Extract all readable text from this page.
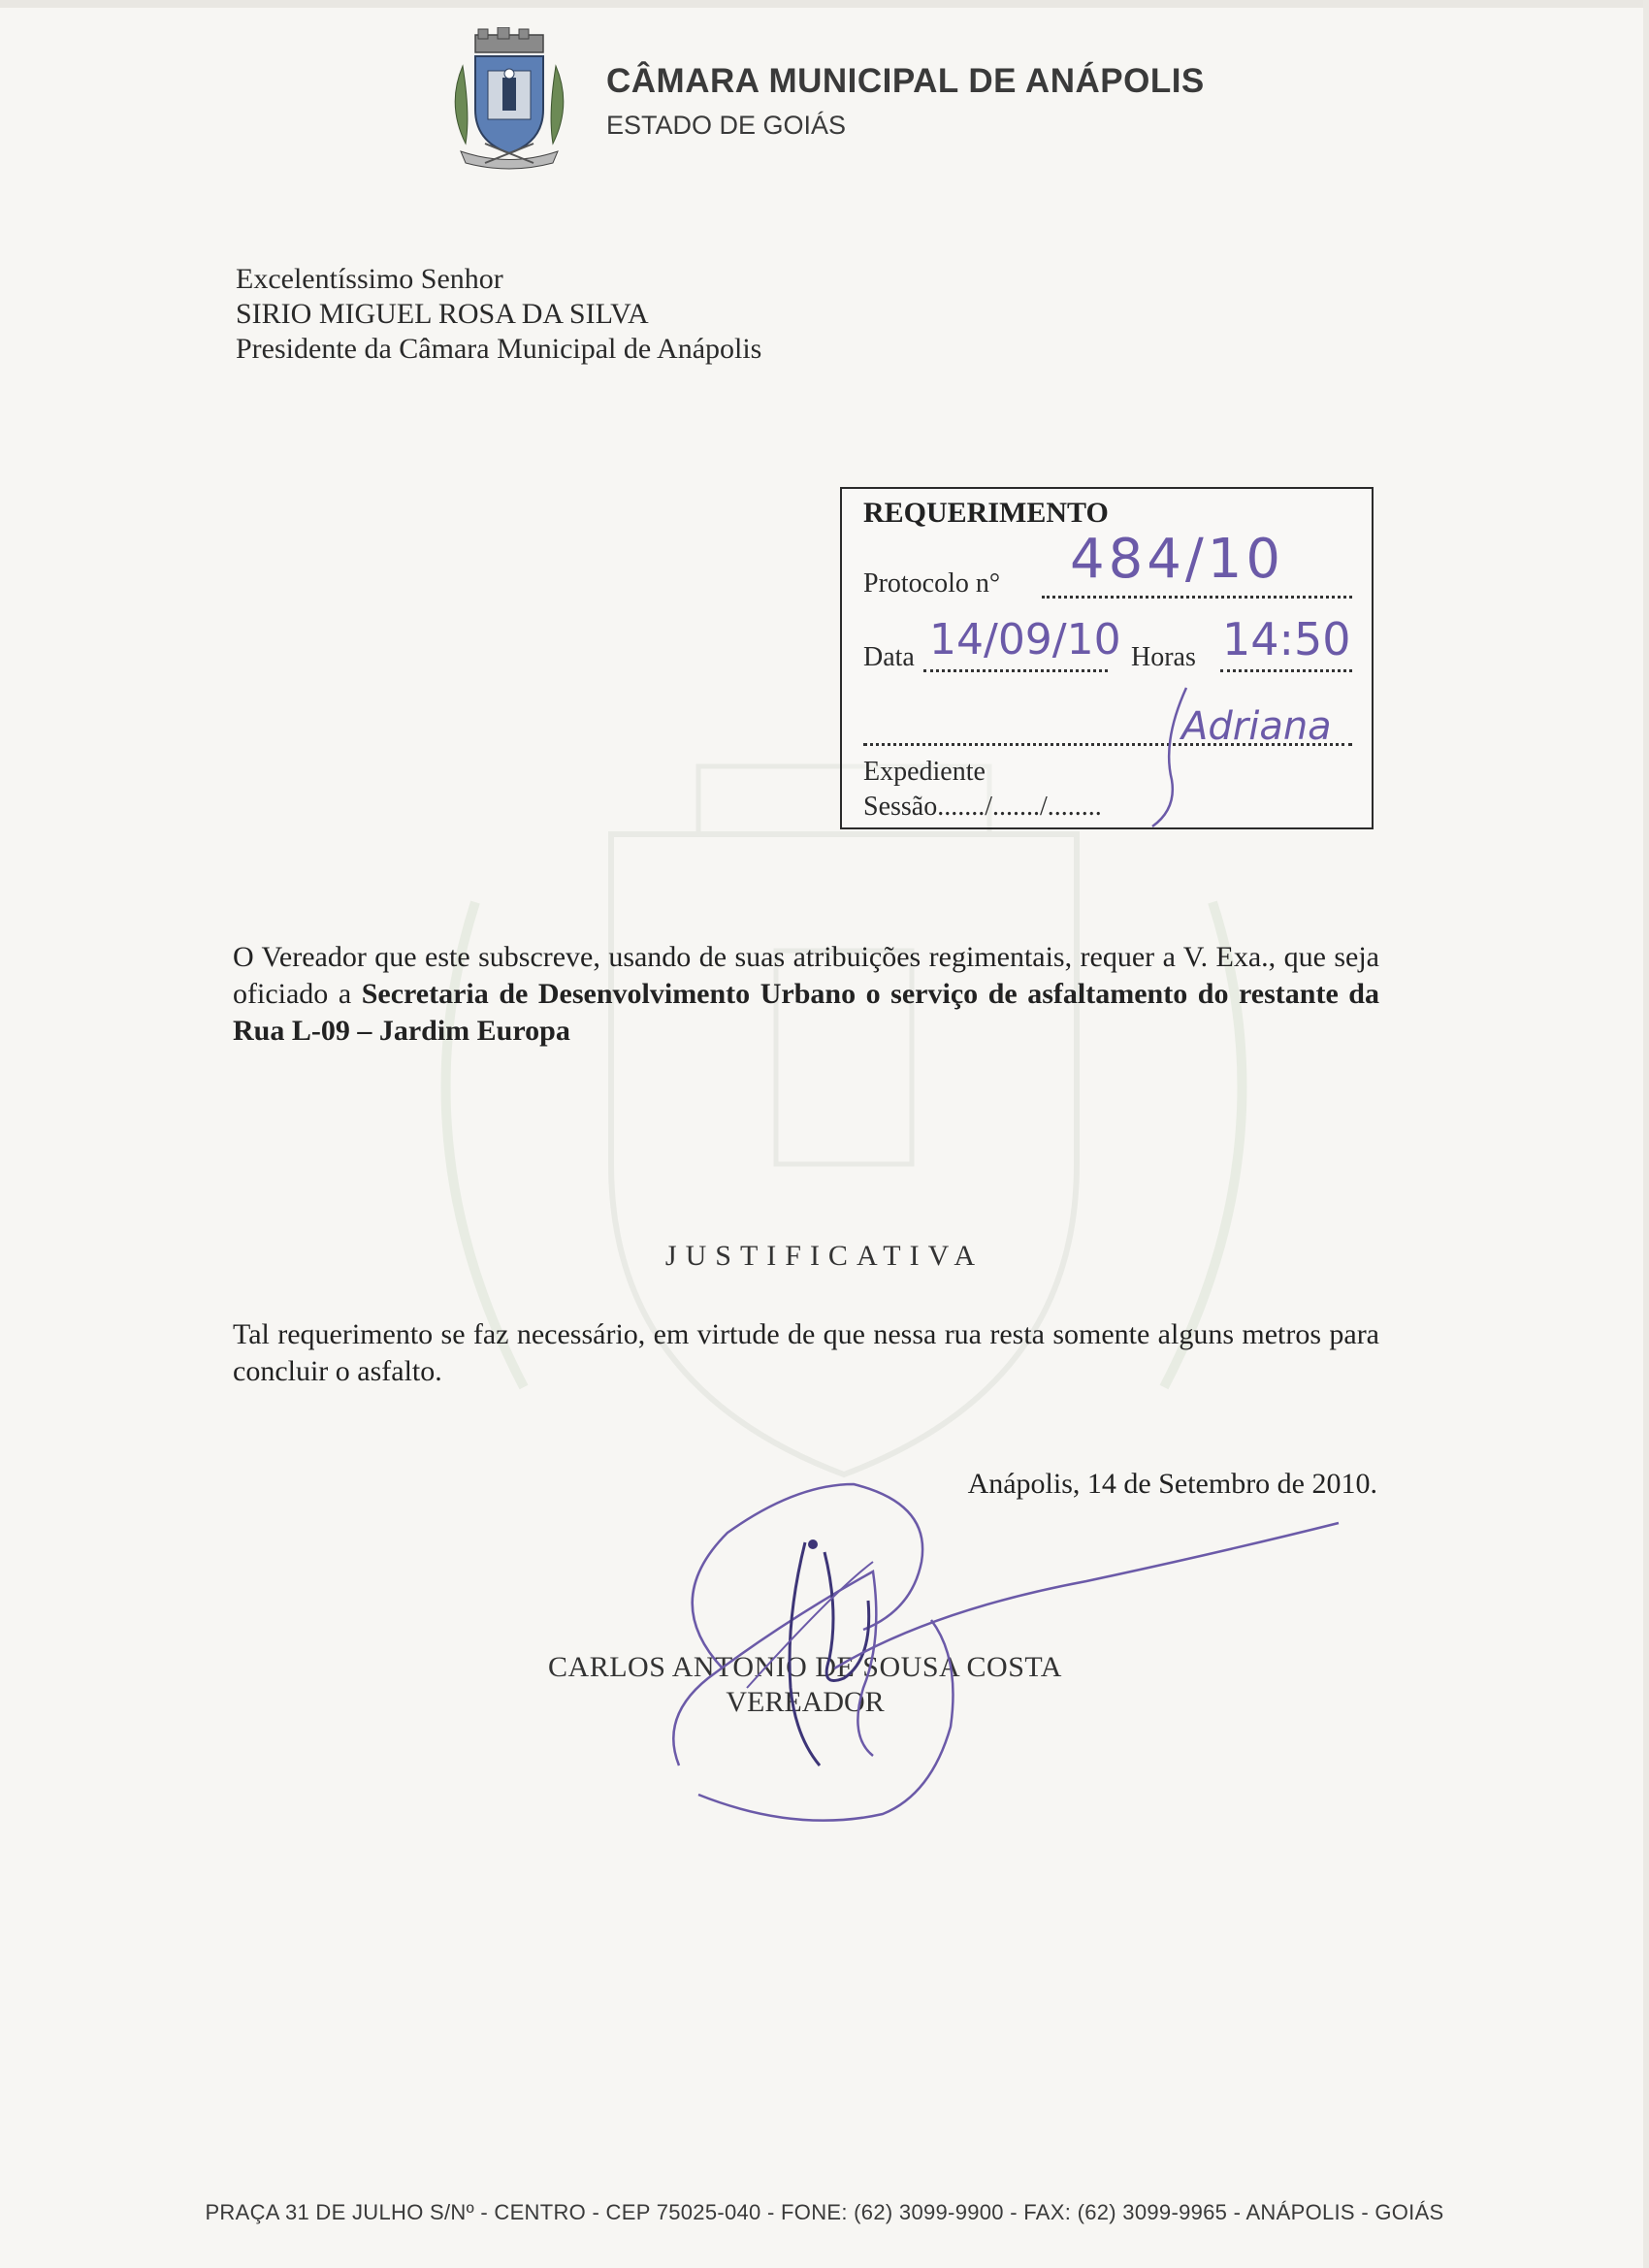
CÂMARA MUNICIPAL DE ANÁPOLIS
ESTADO DE GOIÁS
Excelentíssimo Senhor
SIRIO MIGUEL ROSA DA SILVA
Presidente da Câmara Municipal de Anápolis
REQUERIMENTO
Protocolo n° 484/10
Data 14/09/10 Horas 14:50
Adriana
Expediente
Sessão......./......./........
O Vereador que este subscreve, usando de suas atribuições regimentais, requer a V. Exa., que seja oficiado a Secretaria de Desenvolvimento Urbano o serviço de asfaltamento do restante da Rua L-09 – Jardim Europa
JUSTIFICATIVA
Tal requerimento se faz necessário, em virtude de que nessa rua resta somente alguns metros para concluir o asfalto.
Anápolis, 14 de Setembro de 2010.
CARLOS ANTONIO DE SOUSA COSTA
VEREADOR
PRAÇA 31 DE JULHO S/Nº - CENTRO - CEP 75025-040 - FONE: (62) 3099-9900 - FAX: (62) 3099-9965 - ANÁPOLIS - GOIÁS
